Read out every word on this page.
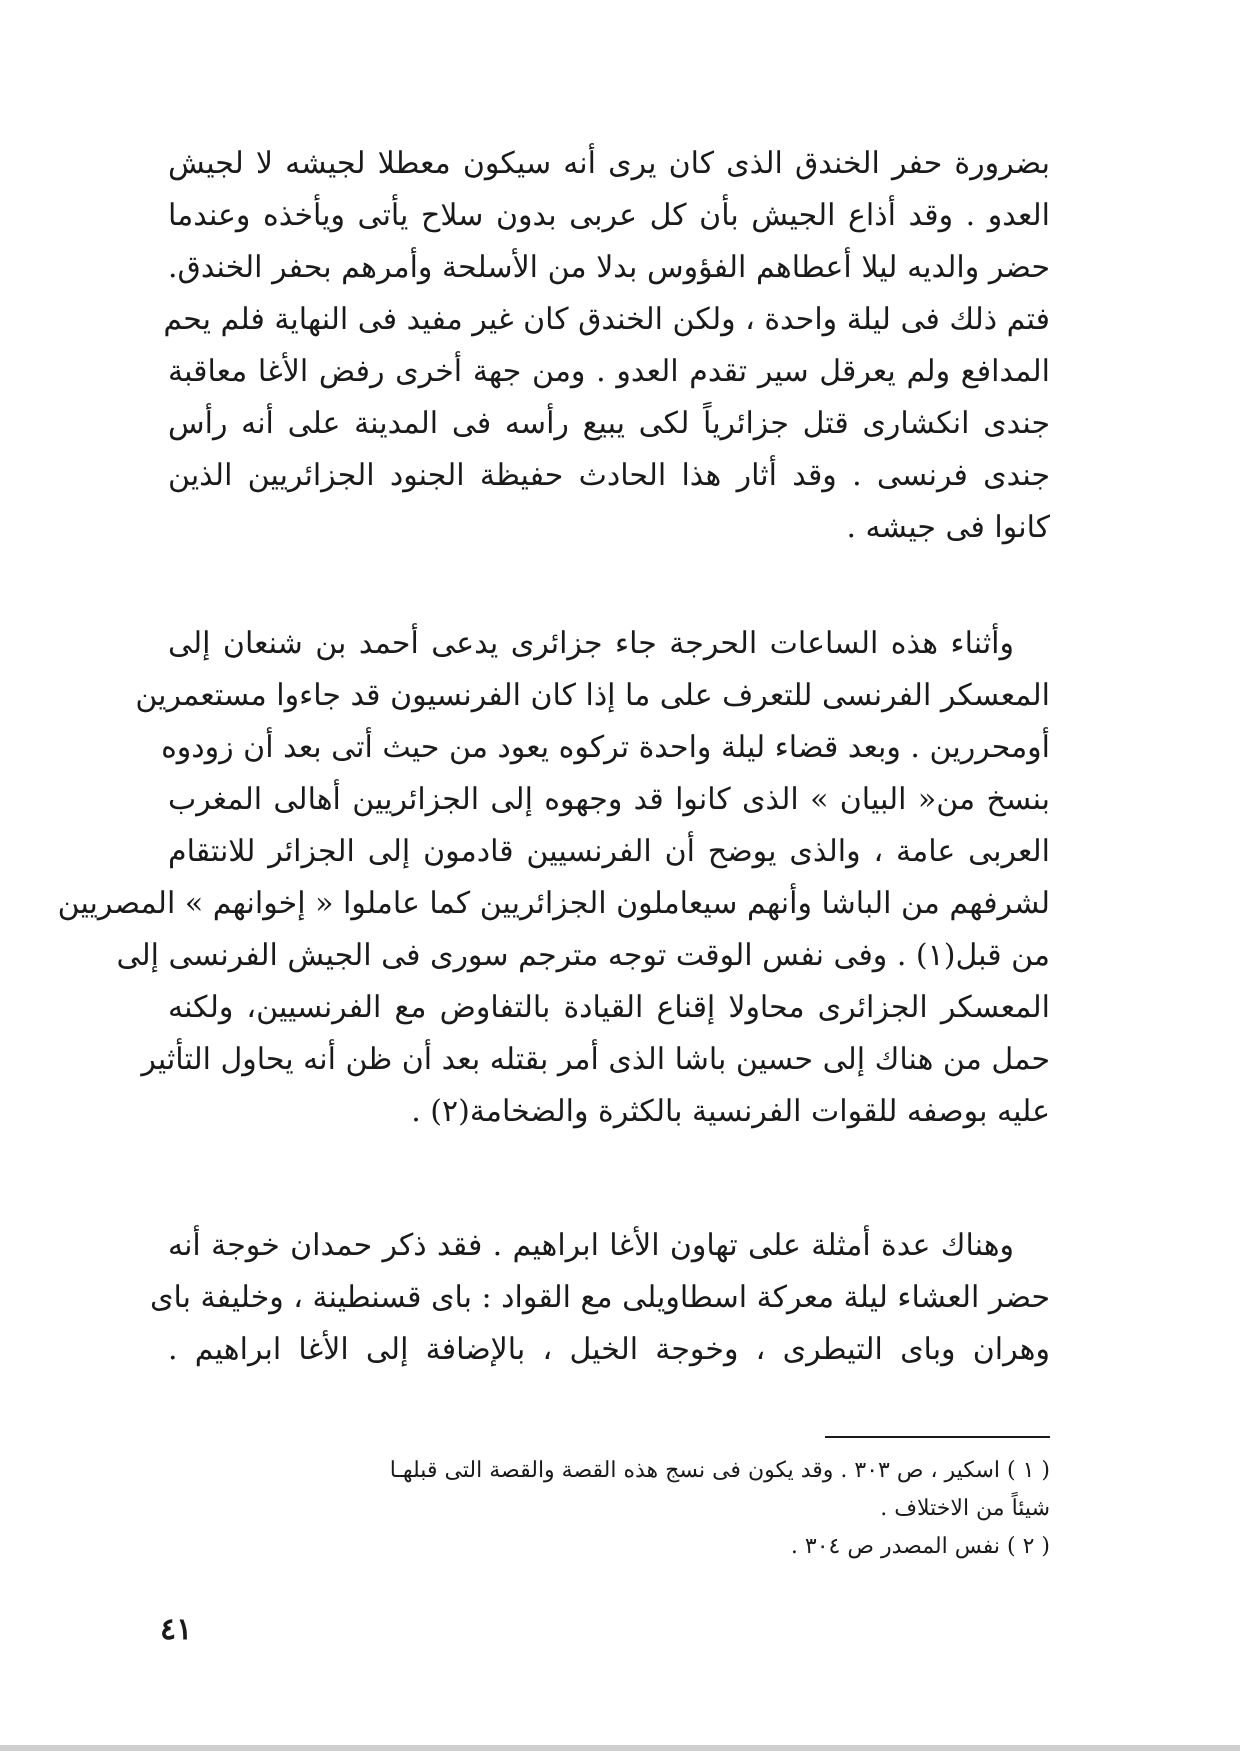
بضرورة حفر الخندق الذى كان يرى أنه سيكون معطلا لجيشه لا لجيش
العدو . وقد أذاع الجيش بأن كل عربى بدون سلاح يأتى ويأخذه وعندما
حضر والديه ليلا أعطاهم الفؤوس بدلا من الأسلحة وأمرهم بحفر الخندق.
فتم ذلك فى ليلة واحدة ، ولكن الخندق كان غير مفيد فى النهاية فلم يحم
المدافع ولم يعرقل سير تقدم العدو . ومن جهة أخرى رفض الأغا معاقبة
جندى انكشارى قتل جزائرياً لكى يبيع رأسه فى المدينة على أنه رأس
جندى فرنسى . وقد أثار هذا الحادث حفيظة الجنود الجزائريين الذين
كانوا فى جيشه .
وأثناء هذه الساعات الحرجة جاء جزائرى يدعى أحمد بن شنعان إلى
المعسكر الفرنسى للتعرف على ما إذا كان الفرنسيون قد جاءوا مستعمرين
أومحررين . وبعد قضاء ليلة واحدة تركوه يعود من حيث أتى بعد أن زودوه
بنسخ من« البيان » الذى كانوا قد وجهوه إلى الجزائريين أهالى المغرب
العربى عامة ، والذى يوضح أن الفرنسيين قادمون إلى الجزائر للانتقام
لشرفهم من الباشا وأنهم سيعاملون الجزائريين كما عاملوا « إخوانهم » المصريين
من قبل(١) . وفى نفس الوقت توجه مترجم سورى فى الجيش الفرنسى إلى
المعسكر الجزائرى محاولا إقناع القيادة بالتفاوض مع الفرنسيين، ولكنه
حمل من هناك إلى حسين باشا الذى أمر بقتله بعد أن ظن أنه يحاول التأثير
عليه بوصفه للقوات الفرنسية بالكثرة والضخامة(٢) .
وهناك عدة أمثلة على تهاون الأغا ابراهيم . فقد ذكر حمدان خوجة أنه
حضر العشاء ليلة معركة اسطاويلى مع القواد : باى قسنطينة ، وخليفة باى
وهران وباى التيطرى ، وخوجة الخيل ، بالإضافة إلى الأغا ابراهيم .
( ١ ) اسكير ، ص ٣٠٣ . وقد يكون فى نسج هذه القصة والقصة التى قبلهـا
شيئاً من الاختلاف .
( ٢ ) نفس المصدر ص ٣٠٤ .
٤١
